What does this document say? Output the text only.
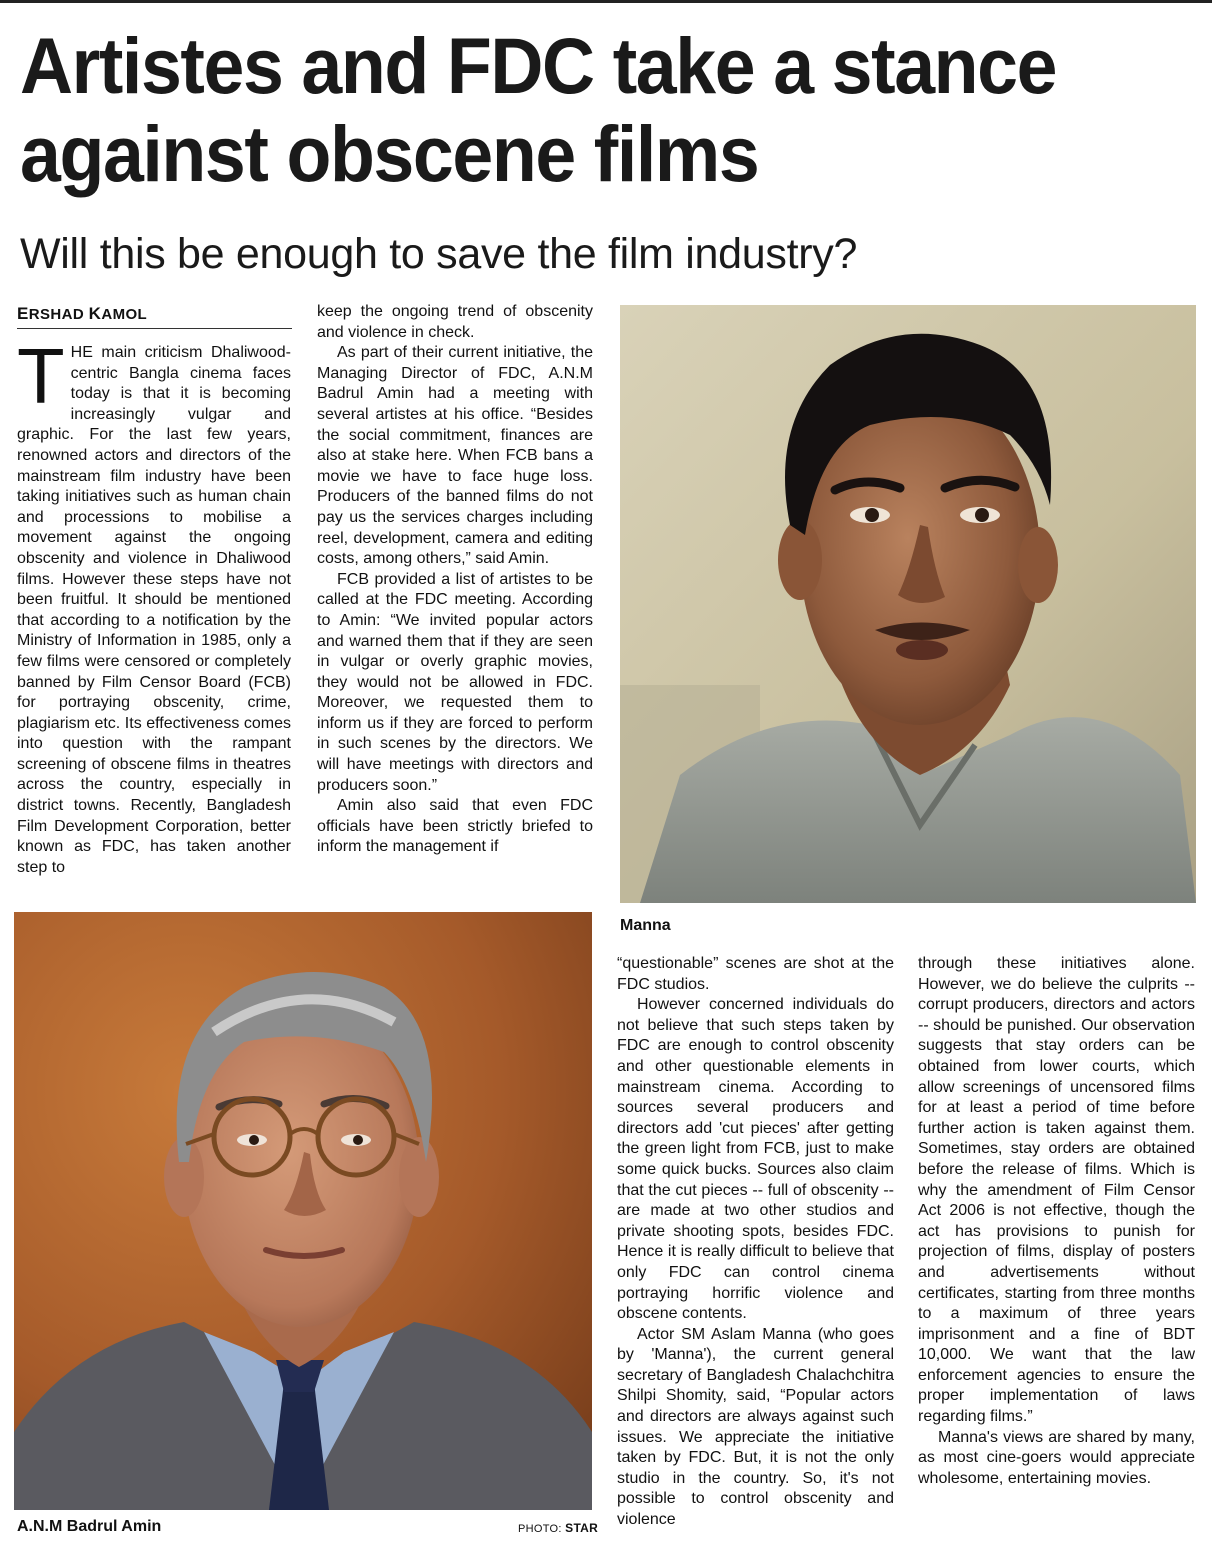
Artistes and FDC take a stance against obscene films
Will this be enough to save the film industry?
ERSHAD KAMOL

THE main criticism Dhaliwood-centric Bangla cinema faces today is that it is becoming increasingly vulgar and graphic. For the last few years, renowned actors and directors of the mainstream film industry have been taking initiatives such as human chain and processions to mobilise a movement against the ongoing obscenity and violence in Dhaliwood films. However these steps have not been fruitful. It should be mentioned that according to a notification by the Ministry of Information in 1985, only a few films were censored or completely banned by Film Censor Board (FCB) for portraying obscenity, crime, plagiarism etc. Its effectiveness comes into question with the rampant screening of obscene films in theatres across the country, especially in district towns. Recently, Bangladesh Film Development Corporation, better known as FDC, has taken another step to

keep the ongoing trend of obscenity and violence in check.

As part of their current initiative, the Managing Director of FDC, A.N.M Badrul Amin had a meeting with several artistes at his office. “Besides the social commitment, finances are also at stake here. When FCB bans a movie we have to face huge loss. Producers of the banned films do not pay us the services charges including reel, development, camera and editing costs, among others,” said Amin.

FCB provided a list of artistes to be called at the FDC meeting. According to Amin: “We invited popular actors and warned them that if they are seen in vulgar or overly graphic movies, they would not be allowed in FDC. Moreover, we requested them to inform us if they are forced to perform in such scenes by the directors. We will have meetings with directors and producers soon.”

Amin also said that even FDC officials have been strictly briefed to inform the management if

Manna
A.N.M Badrul Amin	PHOTO: STAR

“questionable” scenes are shot at the FDC studios.

However concerned individuals do not believe that such steps taken by FDC are enough to control obscenity and other questionable elements in mainstream cinema. According to sources several producers and directors add 'cut pieces' after getting the green light from FCB, just to make some quick bucks. Sources also claim that the cut pieces -- full of obscenity -- are made at two other studios and private shooting spots, besides FDC. Hence it is really difficult to believe that only FDC can control cinema portraying horrific violence and obscene contents.

Actor SM Aslam Manna (who goes by 'Manna'), the current general secretary of Bangladesh Chalachchitra Shilpi Shomity, said, “Popular actors and directors are always against such issues. We appreciate the initiative taken by FDC. But, it is not the only studio in the country. So, it's not possible to control obscenity and violence

through these initiatives alone. However, we do believe the culprits -- corrupt producers, directors and actors -- should be punished. Our observation suggests that stay orders can be obtained from lower courts, which allow screenings of uncensored films for at least a period of time before further action is taken against them. Sometimes, stay orders are obtained before the release of films. Which is why the amendment of Film Censor Act 2006 is not effective, though the act has provisions to punish for projection of films, display of posters and advertisements without certificates, starting from three months to a maximum of three years imprisonment and a fine of BDT 10,000. We want that the law enforcement agencies to ensure the proper implementation of laws regarding films.”

Manna's views are shared by many, as most cine-goers would appreciate wholesome, entertaining movies.
